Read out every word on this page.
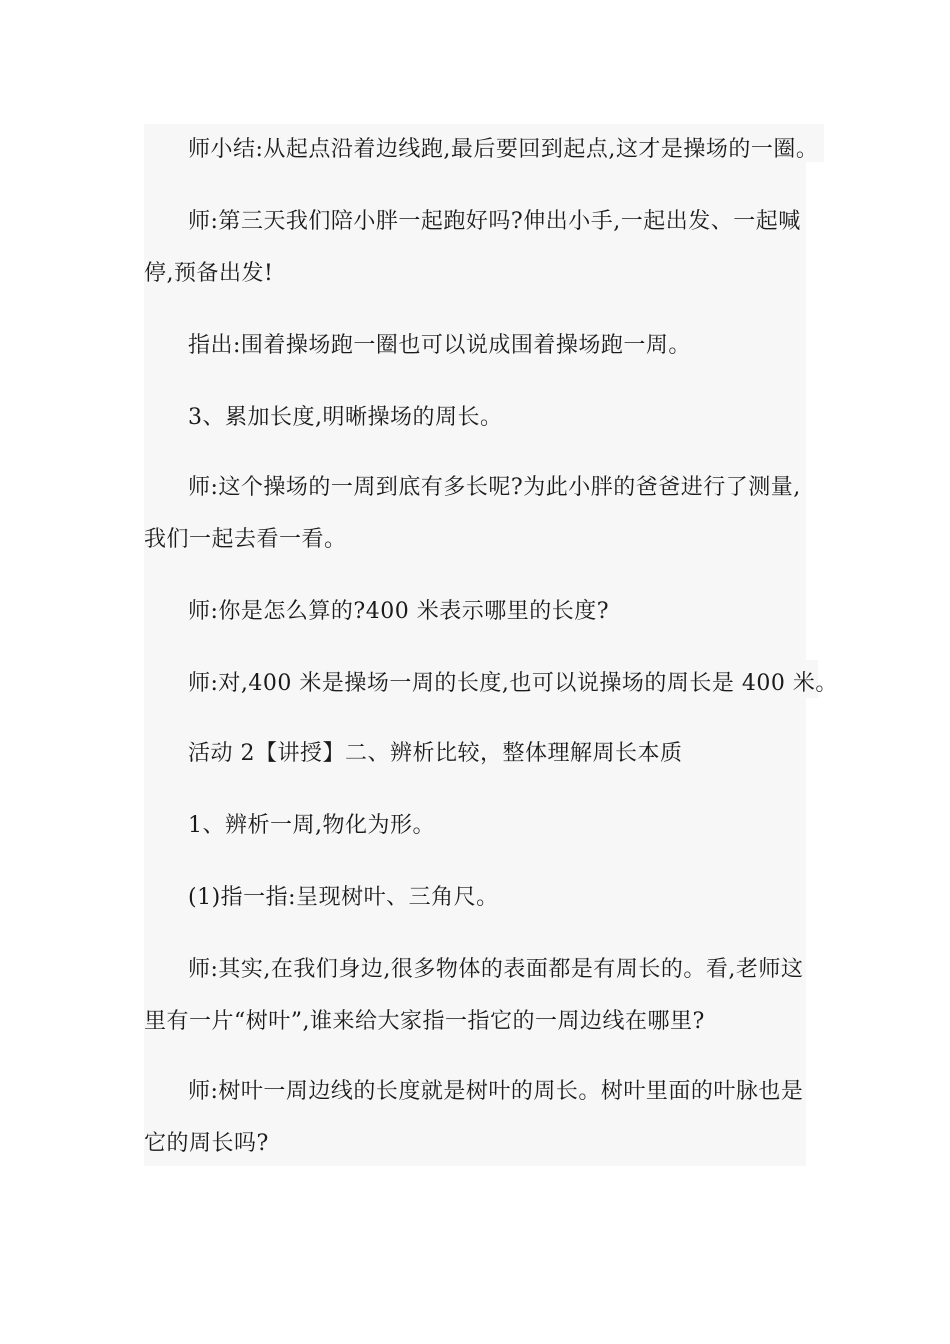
师小结:从起点沿着边线跑,最后要回到起点,这才是操场的一圈。

师:第三天我们陪小胖一起跑好吗?伸出小手,一起出发、一起喊停,预备出发!

指出:围着操场跑一圈也可以说成围着操场跑一周。

3、累加长度,明晰操场的周长。

师:这个操场的一周到底有多长呢?为此小胖的爸爸进行了测量,我们一起去看一看。

师:你是怎么算的?400 米表示哪里的长度?

师:对,400 米是操场一周的长度,也可以说操场的周长是 400 米。

活动 2【讲授】二、辨析比较，整体理解周长本质

1、辨析一周,物化为形。

(1)指一指:呈现树叶、三角尺。

师:其实,在我们身边,很多物体的表面都是有周长的。看,老师这里有一片“树叶”,谁来给大家指一指它的一周边线在哪里?

师:树叶一周边线的长度就是树叶的周长。树叶里面的叶脉也是它的周长吗?
